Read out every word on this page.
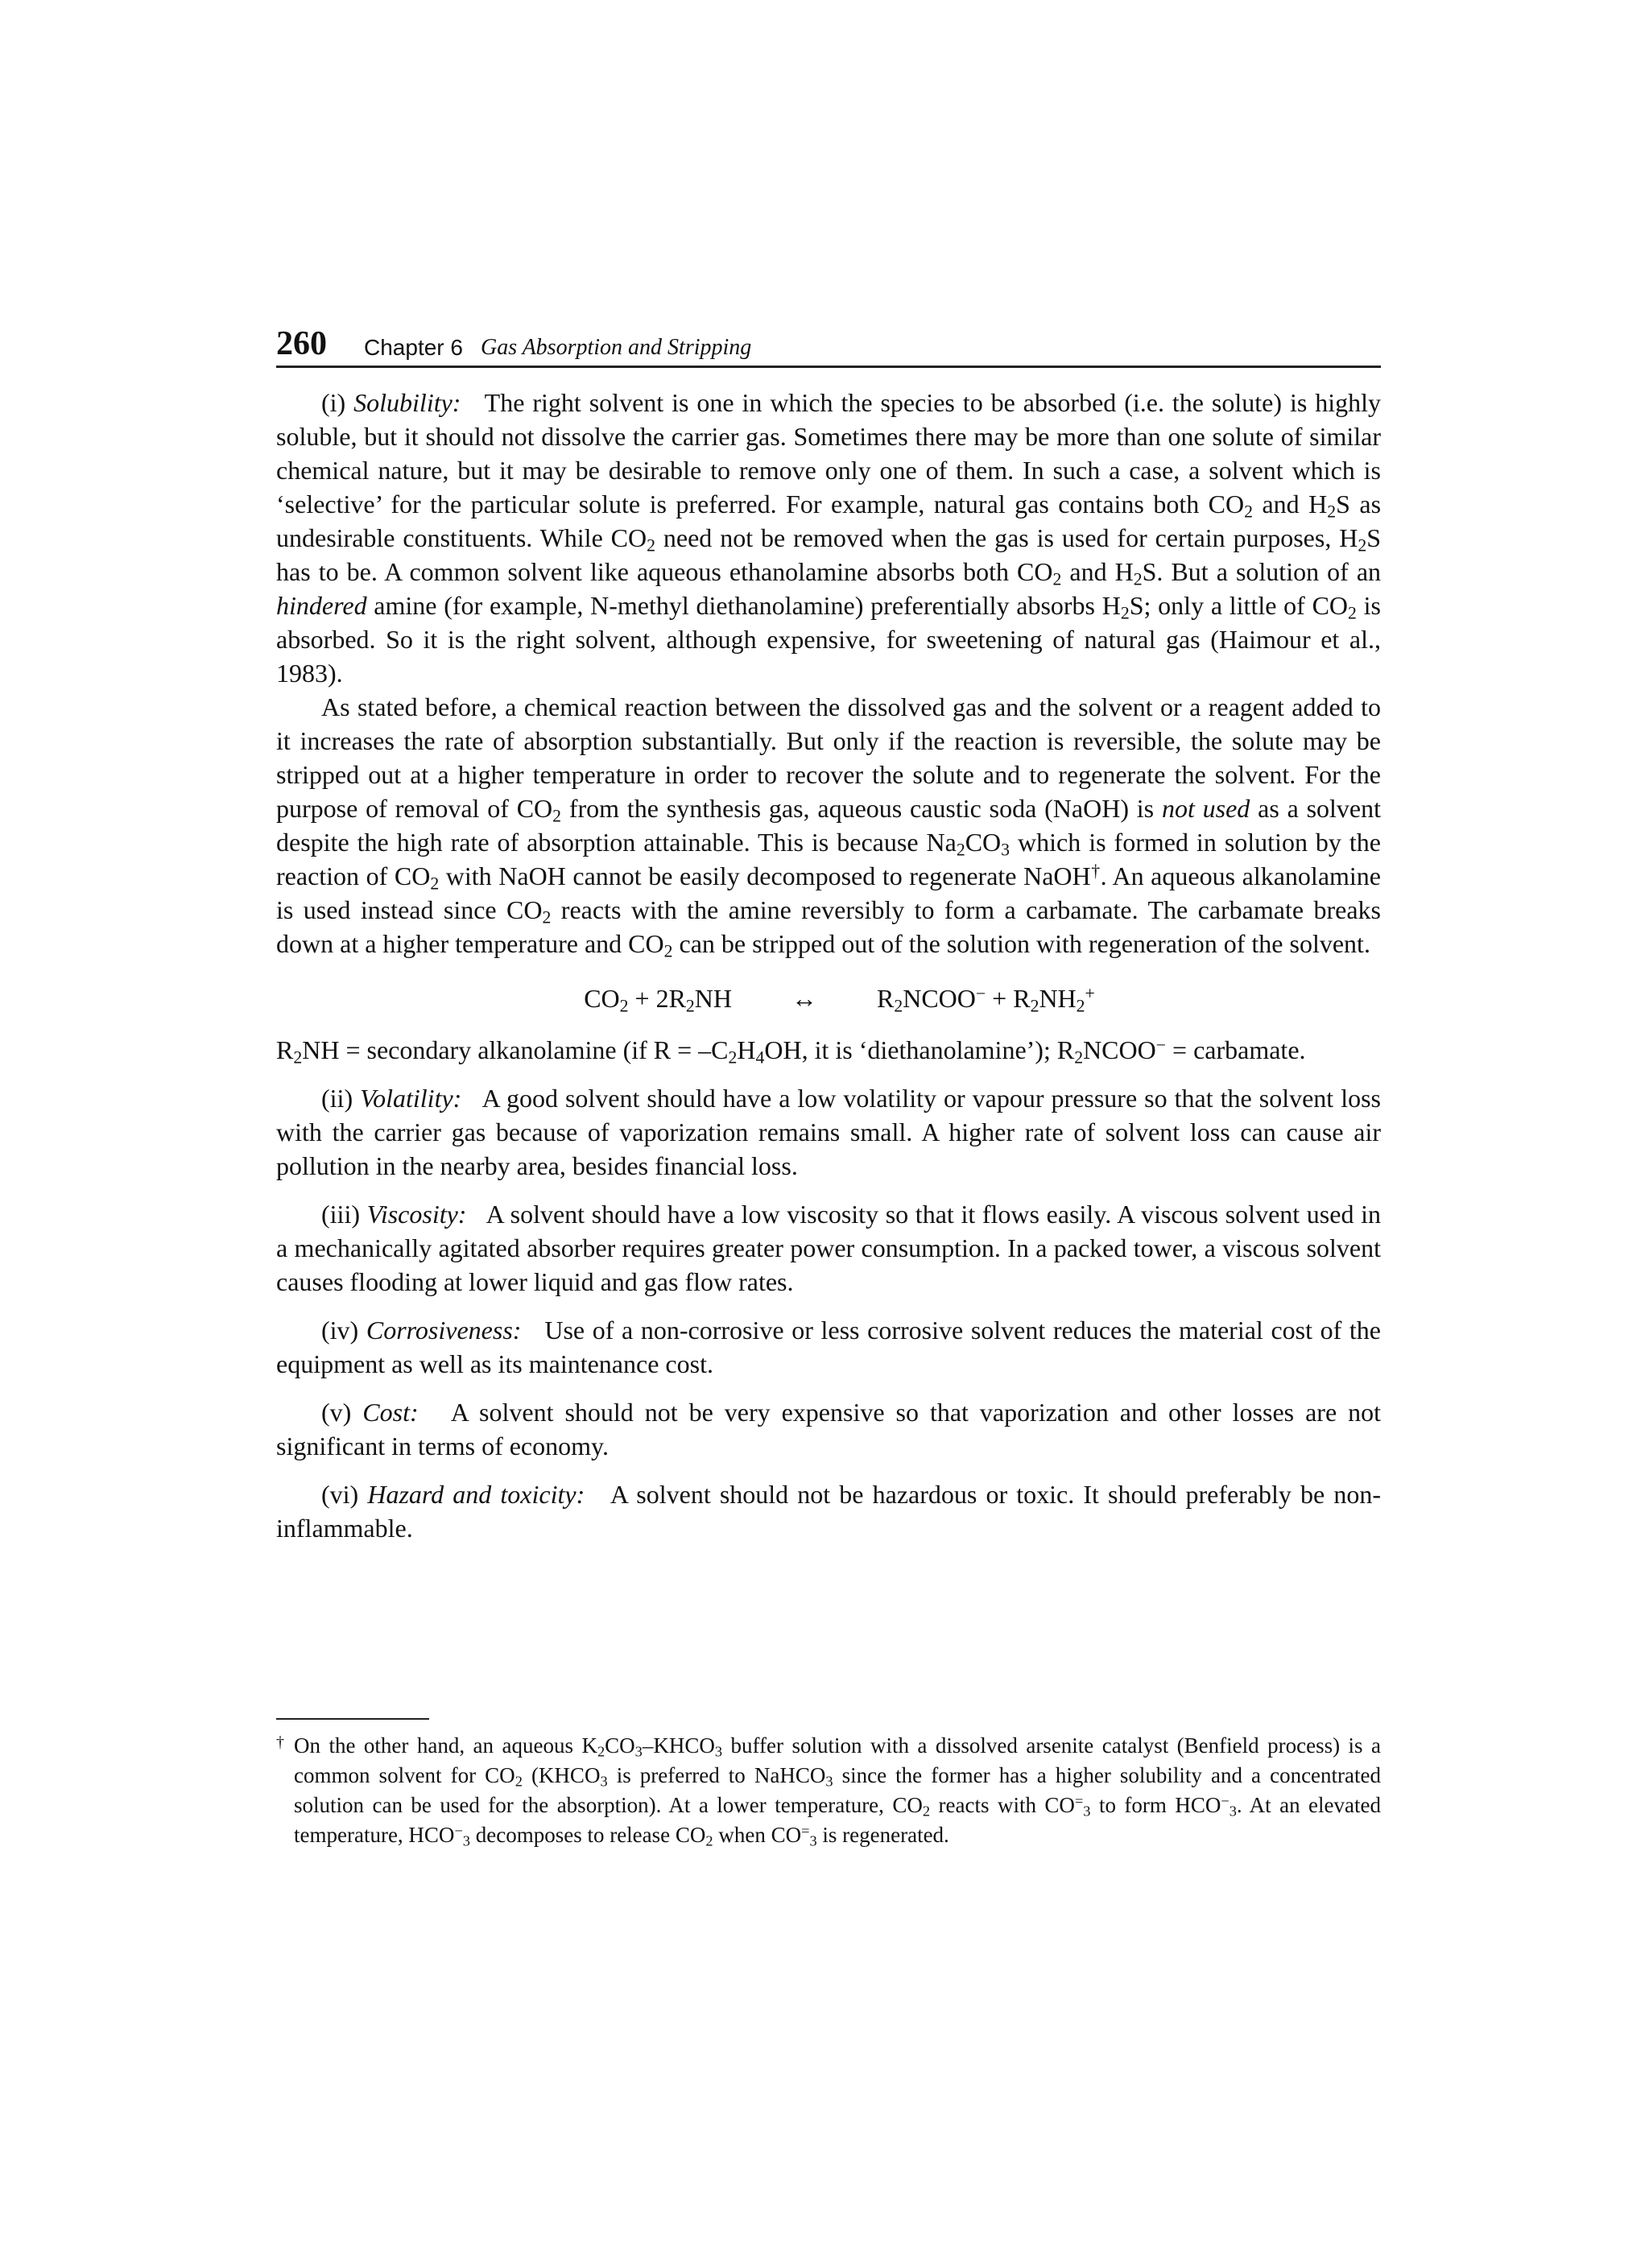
260 Chapter 6 Gas Absorption and Stripping

(i) Solubility: The right solvent is one in which the species to be absorbed (i.e. the solute) is highly soluble, but it should not dissolve the carrier gas. Sometimes there may be more than one solute of similar chemical nature, but it may be desirable to remove only one of them. In such a case, a solvent which is ‘selective’ for the particular solute is preferred. For example, natural gas contains both $CO_2$ and $H_2S$ as undesirable constituents. While $CO_2$ need not be removed when the gas is used for certain purposes, $H_2S$ has to be. A common solvent like aqueous ethanolamine absorbs both $CO_2$ and $H_2S$. But a solution of an hindered amine (for example, N-methyl diethanolamine) preferentially absorbs $H_2S$; only a little of $CO_2$ is absorbed. So it is the right solvent, although expensive, for sweetening of natural gas (Haimour et al., 1983).

As stated before, a chemical reaction between the dissolved gas and the solvent or a reagent added to it increases the rate of absorption substantially. But only if the reaction is reversible, the solute may be stripped out at a higher temperature in order to recover the solute and to regenerate the solvent. For the purpose of removal of $CO_2$ from the synthesis gas, aqueous caustic soda (NaOH) is not used as a solvent despite the high rate of absorption attainable. This is because $Na_2CO_3$ which is formed in solution by the reaction of $CO_2$ with NaOH cannot be easily decomposed to regenerate NaOH†. An aqueous alkanolamine is used instead since $CO_2$ reacts with the amine reversibly to form a carbamate. The carbamate breaks down at a higher temperature and $CO_2$ can be stripped out of the solution with regeneration of the solvent.

$CO_2 + 2R_2NH$	↔	$R_2NCOO^- + R_2NH_2^+$

$R_2NH$ = secondary alkanolamine (if $R = -C_2H_4OH$, it is ‘diethanolamine’); $R_2NCOO^-$ = carbamate.

(ii) Volatility: A good solvent should have a low volatility or vapour pressure so that the solvent loss with the carrier gas because of vaporization remains small. A higher rate of solvent loss can cause air pollution in the nearby area, besides financial loss.

(iii) Viscosity: A solvent should have a low viscosity so that it flows easily. A viscous solvent used in a mechanically agitated absorber requires greater power consumption. In a packed tower, a viscous solvent causes flooding at lower liquid and gas flow rates.

(iv) Corrosiveness: Use of a non-corrosive or less corrosive solvent reduces the material cost of the equipment as well as its maintenance cost.

(v) Cost: A solvent should not be very expensive so that vaporization and other losses are not significant in terms of economy.

(vi) Hazard and toxicity: A solvent should not be hazardous or toxic. It should preferably be non-inflammable.

† On the other hand, an aqueous $K_2CO_3-KHCO_3$ buffer solution with a dissolved arsenite catalyst (Benfield process) is a common solvent for $CO_2$ ($KHCO_3$ is preferred to NaHCO$_3$ since the former has a higher solubility and a concentrated solution can be used for the absorption). At a lower temperature, $CO_2$ reacts with $CO^=_3$ to form $HCO^-_3$. At an elevated temperature, $HCO^-_3$ decomposes to release $CO_2$ when $CO^=_3$ is regenerated.
